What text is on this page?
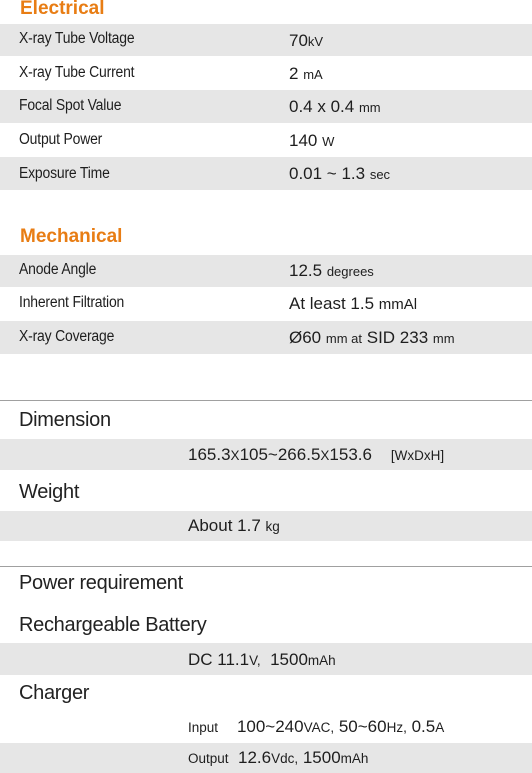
Electrical
X-ray Tube Voltage	70kV
X-ray Tube Current	2 mA
Focal Spot Value	0.4 x 0.4 mm
Output Power	140 W
Exposure Time	0.01 ~ 1.3 sec
Mechanical
Anode Angle	12.5 degrees
Inherent Filtration	At least 1.5 mmAl
X-ray Coverage	Ø60 mm at SID 233 mm
Dimension
165.3X105~266.5X153.6 [WxDxH]
Weight
About 1.7 kg
Power requirement
Rechargeable Battery
DC 11.1V, 1500mAh
Charger
Input 100~240VAC, 50~60Hz, 0.5A
Output 12.6Vdc, 1500mAh
